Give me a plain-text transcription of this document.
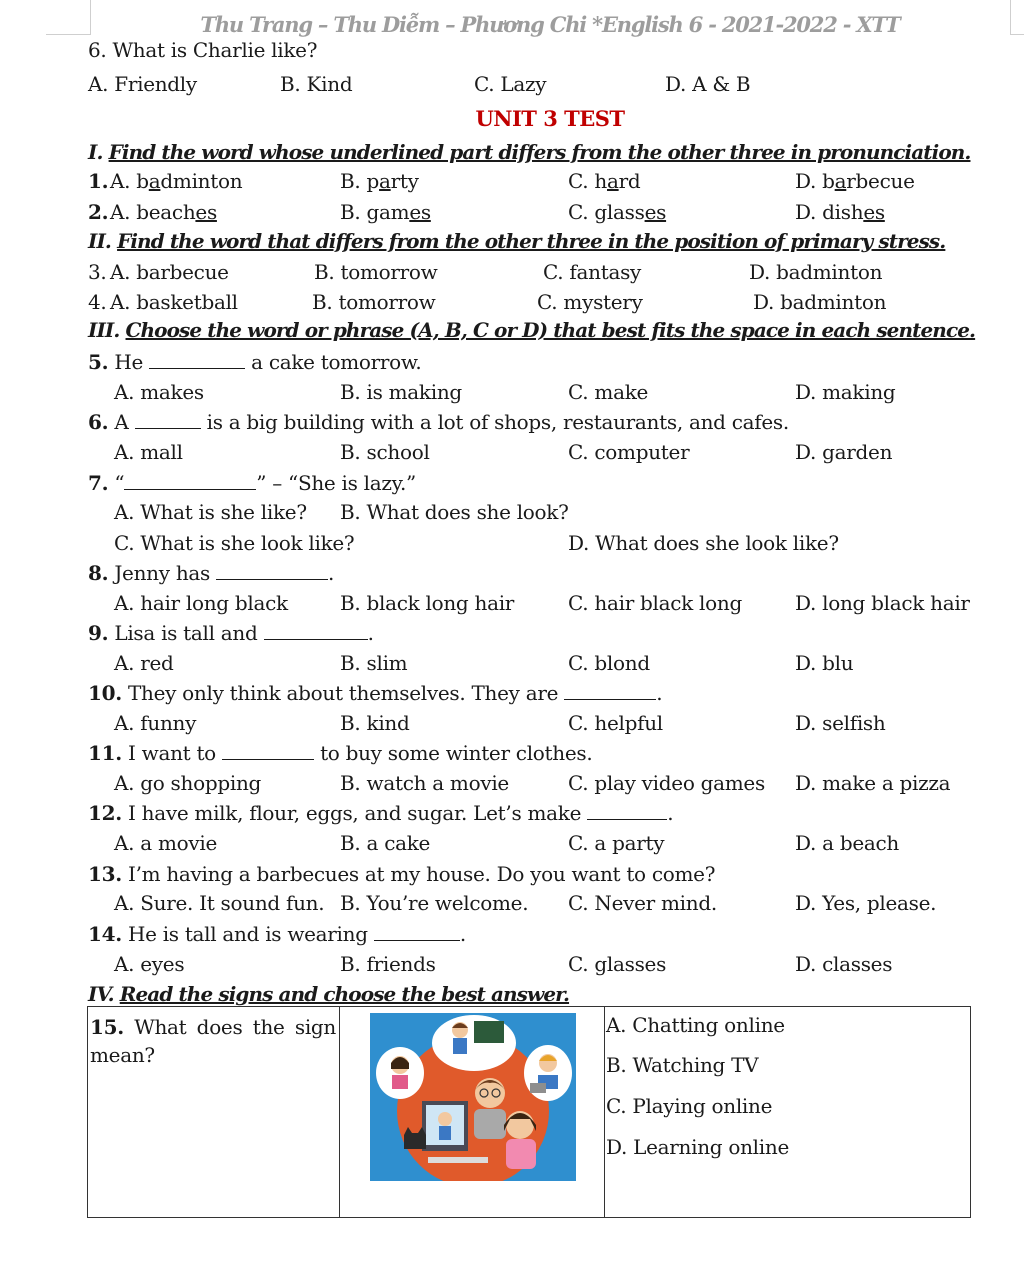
Thu Trang – Thu Diễm – Phương Chi *English 6 - 2021-2022 - XTT
6. What is Charlie like?
A. Friendly	B. Kind	C. Lazy	D. A & B
UNIT 3 TEST
I. Find the word whose underlined part differs from the other three in pronunciation.
1. A. badminton	B. party	C. hard	D. barbecue
2. A. beaches	B. games	C. glasses	D. dishes
II. Find the word that differs from the other three in the position of primary stress.
3. A. barbecue	B. tomorrow	C. fantasy	D. badminton
4. A. basketball	B. tomorrow	C. mystery	D. badminton
III. Choose the word or phrase (A, B, C or D) that best fits the space in each sentence.
5. He	a cake tomorrow.
A. makes	B. is making	C. make	D. making
6. A	is a big building with a lot of shops, restaurants, and cafes.
A. mall	B. school	C. computer	D. garden
7. “	” – “She is lazy.”
A. What is she like? B. What does she look?
C. What is she look like?	D. What does she look like?
8. Jenny has	.
A. hair long black	B. black long hair	C. hair black long	D. long black hair
9. Lisa is tall and	.
A. red	B. slim	C. blond	D. blu
10. They only think about themselves. They are	.
A. funny	B. kind	C. helpful	D. selfish
11. I want to	to buy some winter clothes.
A. go shopping	B. watch a movie	C. play video games D. make a pizza
12. I have milk, flour, eggs, and sugar. Let’s make	.
A. a movie	B. a cake	C. a party	D. a beach
13. I’m having a barbecues at my house. Do you want to come?
A. Sure. It sound fun. B. You’re welcome. C. Never mind.	D. Yes, please.
14. He is tall and is wearing	.
A. eyes	B. friends	C. glasses	D. classes
IV. Read the signs and choose the best answer.
15. What does the sign mean?
A. Chatting online
B. Watching TV
C. Playing online
D. Learning online
